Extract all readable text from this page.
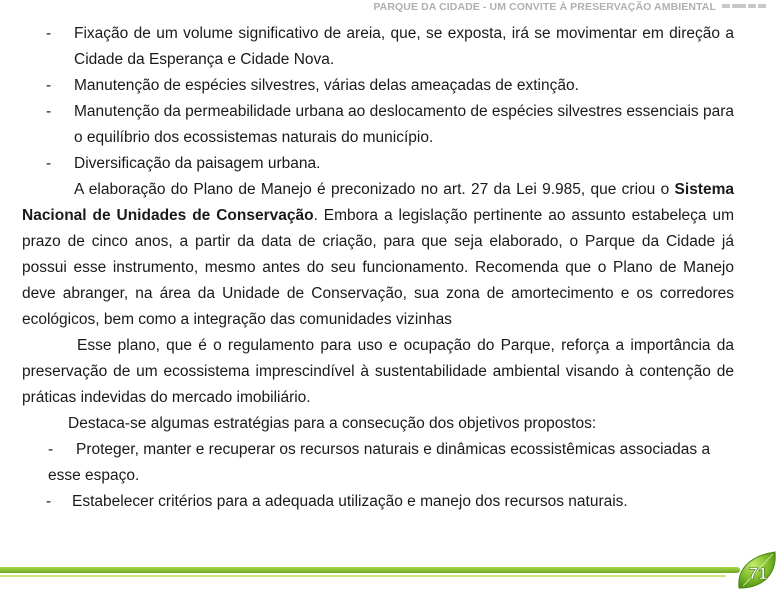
PARQUE DA CIDADE - UM CONVITE À PRESERVAÇÃO AMBIENTAL
-	Fixação de um volume significativo de areia, que, se exposta, irá se movimentar em direção a Cidade da Esperança e Cidade Nova.
-	Manutenção de espécies silvestres, várias delas ameaçadas de extinção.
-	Manutenção da permeabilidade urbana ao deslocamento de espécies silvestres essenciais para o equilíbrio dos ecossistemas naturais do município.
-	Diversificação da paisagem urbana.

A elaboração do Plano de Manejo é preconizado no art. 27 da Lei 9.985, que criou o Sistema Nacional de Unidades de Conservação. Embora a legislação pertinente ao assunto estabeleça um prazo de cinco anos, a partir da data de criação, para que seja elaborado, o Parque da Cidade já possui esse instrumento, mesmo antes do seu funcionamento. Recomenda que o Plano de Manejo deve abranger, na área da Unidade de Conservação, sua zona de amortecimento e os corredores ecológicos, bem como a integração das comunidades vizinhas

Esse plano, que é o regulamento para uso e ocupação do Parque, reforça a importância da preservação de um ecossistema imprescindível à sustentabilidade ambiental visando à contenção de práticas indevidas do mercado imobiliário.

Destaca-se algumas estratégias para a consecução dos objetivos propostos:

- Proteger, manter e recuperar os recursos naturais e dinâmicas ecossistêmicas associadas a esse espaço.
-	Estabelecer critérios para a adequada utilização e manejo dos recursos naturais.
71
